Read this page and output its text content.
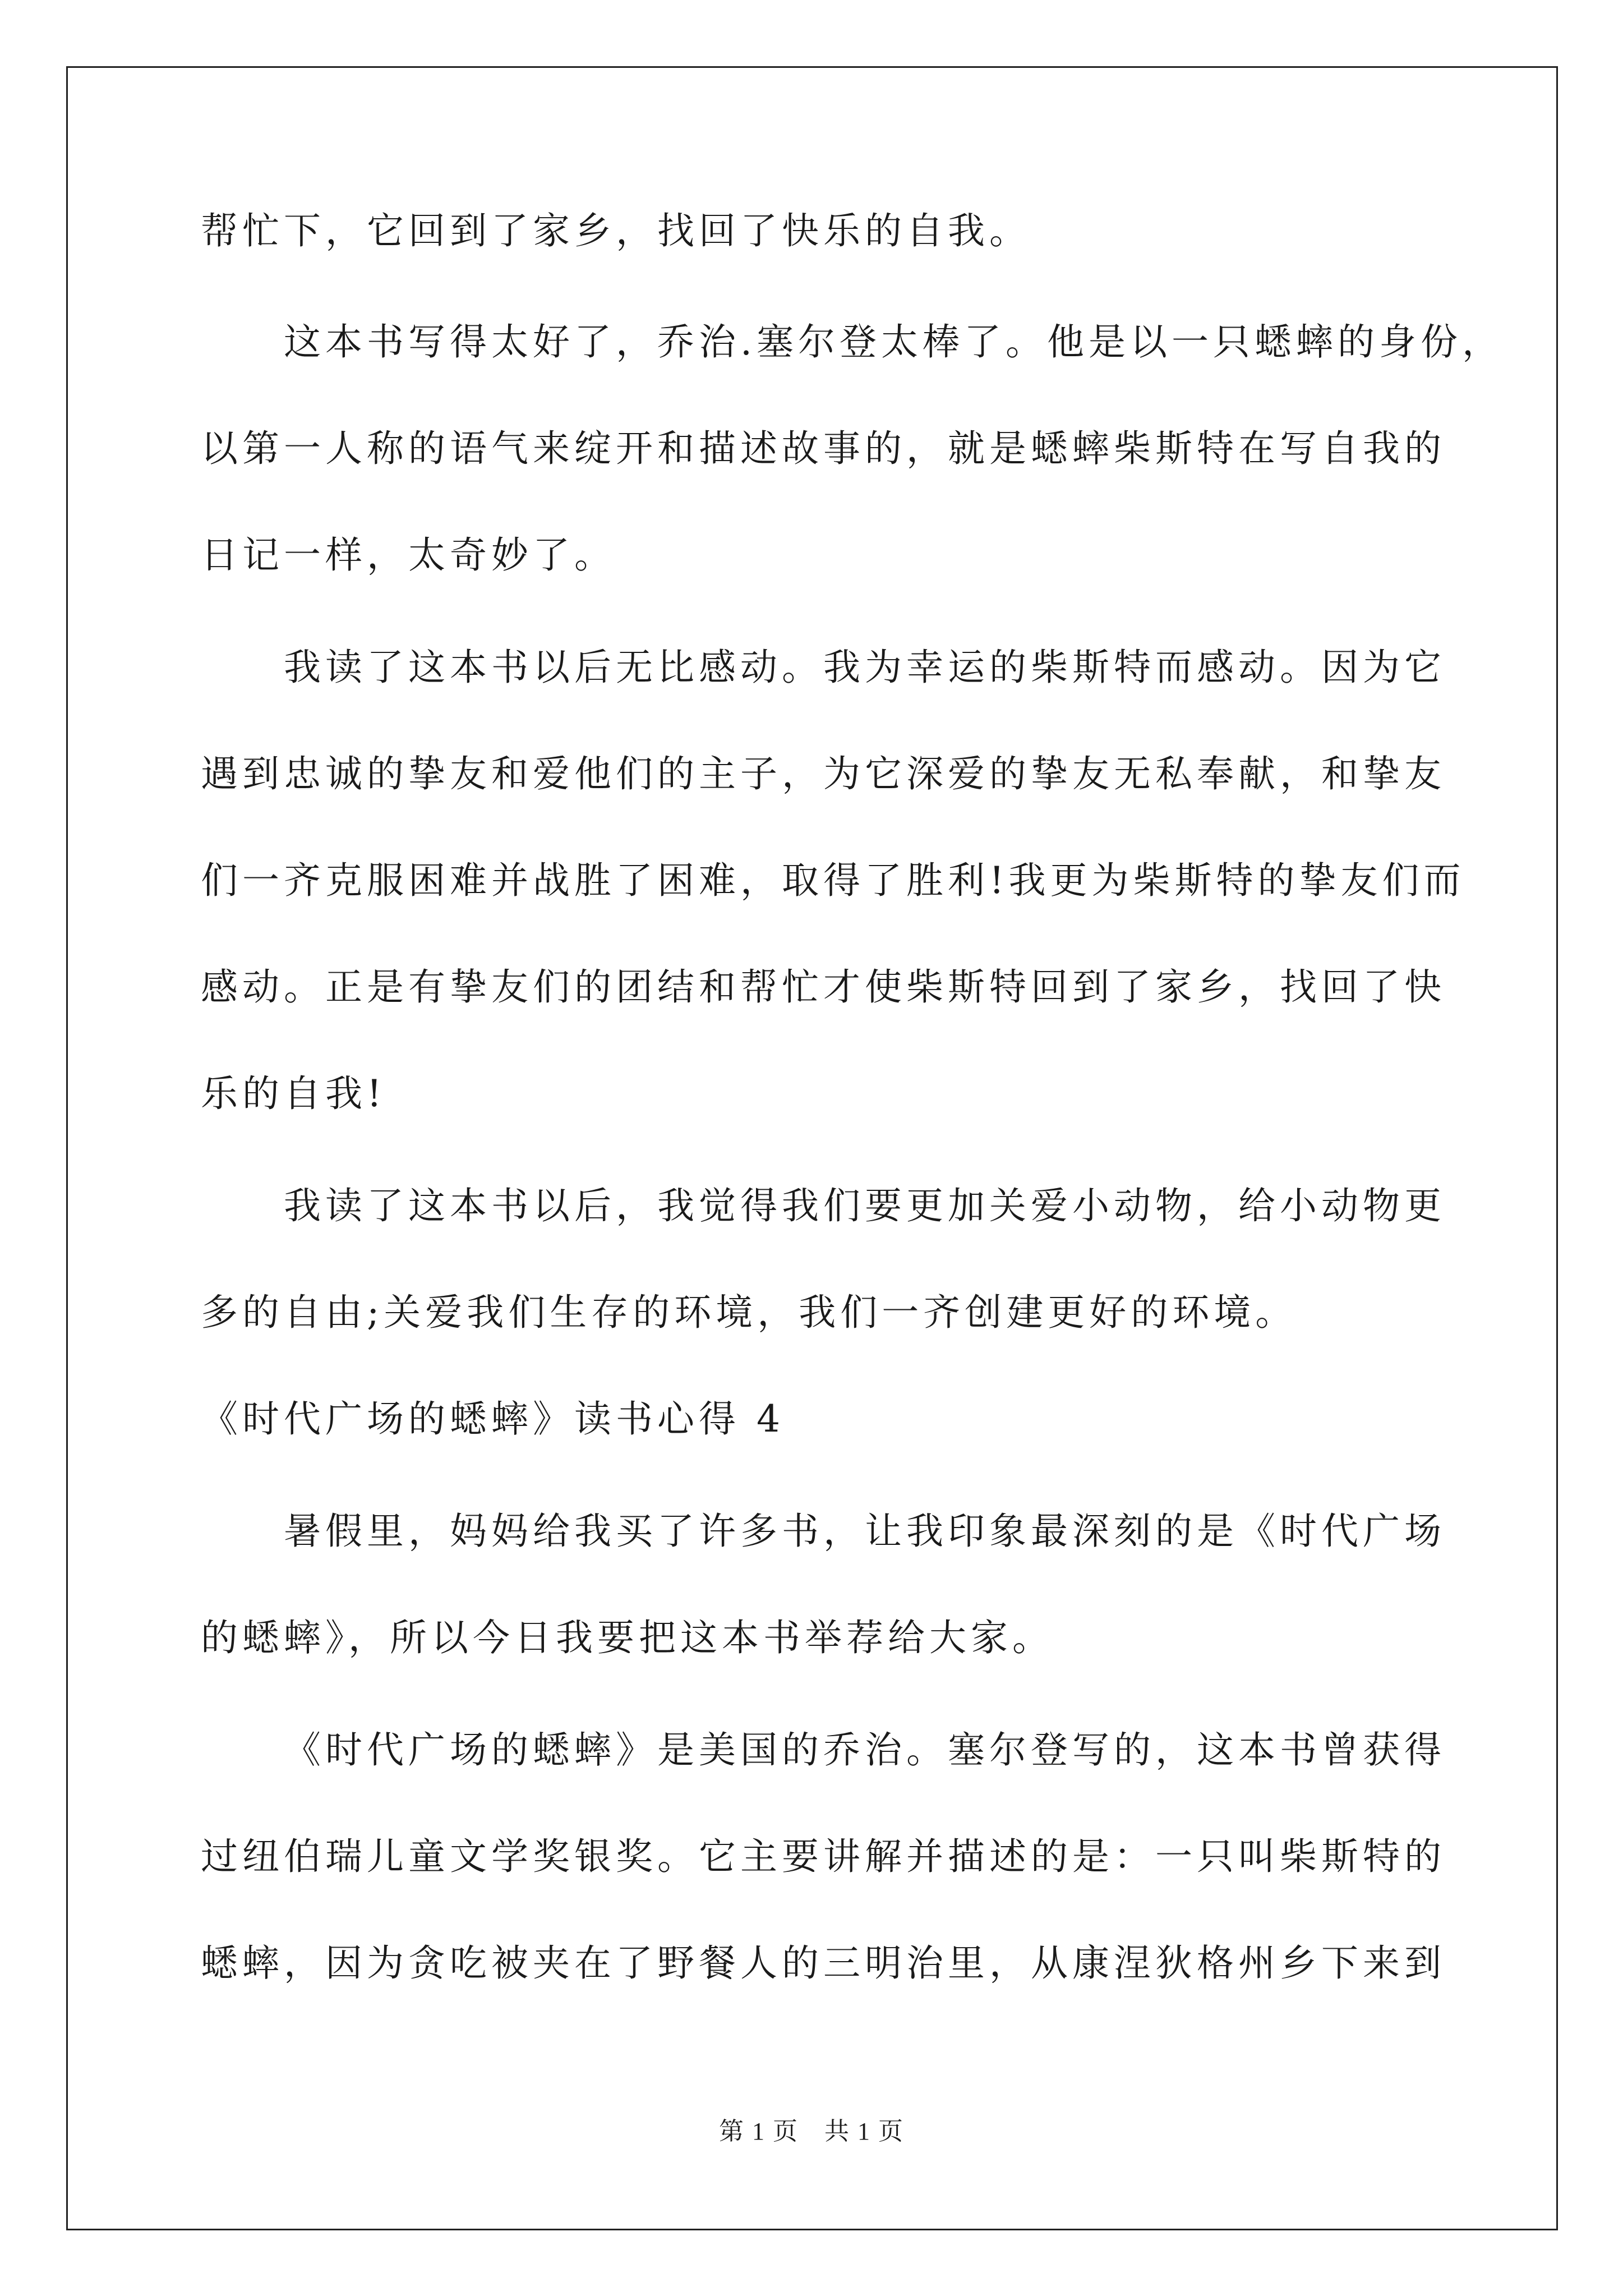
帮忙下，它回到了家乡，找回了快乐的自我。
这本书写得太好了，乔治.塞尔登太棒了。他是以一只蟋蟀的身份，
以第一人称的语气来绽开和描述故事的，就是蟋蟀柴斯特在写自我的
日记一样，太奇妙了。
我读了这本书以后无比感动。我为幸运的柴斯特而感动。因为它
遇到忠诚的挚友和爱他们的主子，为它深爱的挚友无私奉献，和挚友
们一齐克服困难并战胜了困难，取得了胜利!我更为柴斯特的挚友们而
感动。正是有挚友们的团结和帮忙才使柴斯特回到了家乡，找回了快
乐的自我!
我读了这本书以后，我觉得我们要更加关爱小动物，给小动物更
多的自由;关爱我们生存的环境，我们一齐创建更好的环境。
《时代广场的蟋蟀》读书心得 4
暑假里，妈妈给我买了许多书，让我印象最深刻的是《时代广场
的蟋蟀》，所以今日我要把这本书举荐给大家。
《时代广场的蟋蟀》是美国的乔治。塞尔登写的，这本书曾获得
过纽伯瑞儿童文学奖银奖。它主要讲解并描述的是：一只叫柴斯特的
蟋蟀，因为贪吃被夹在了野餐人的三明治里，从康涅狄格州乡下来到
第 1 页　共 1 页
